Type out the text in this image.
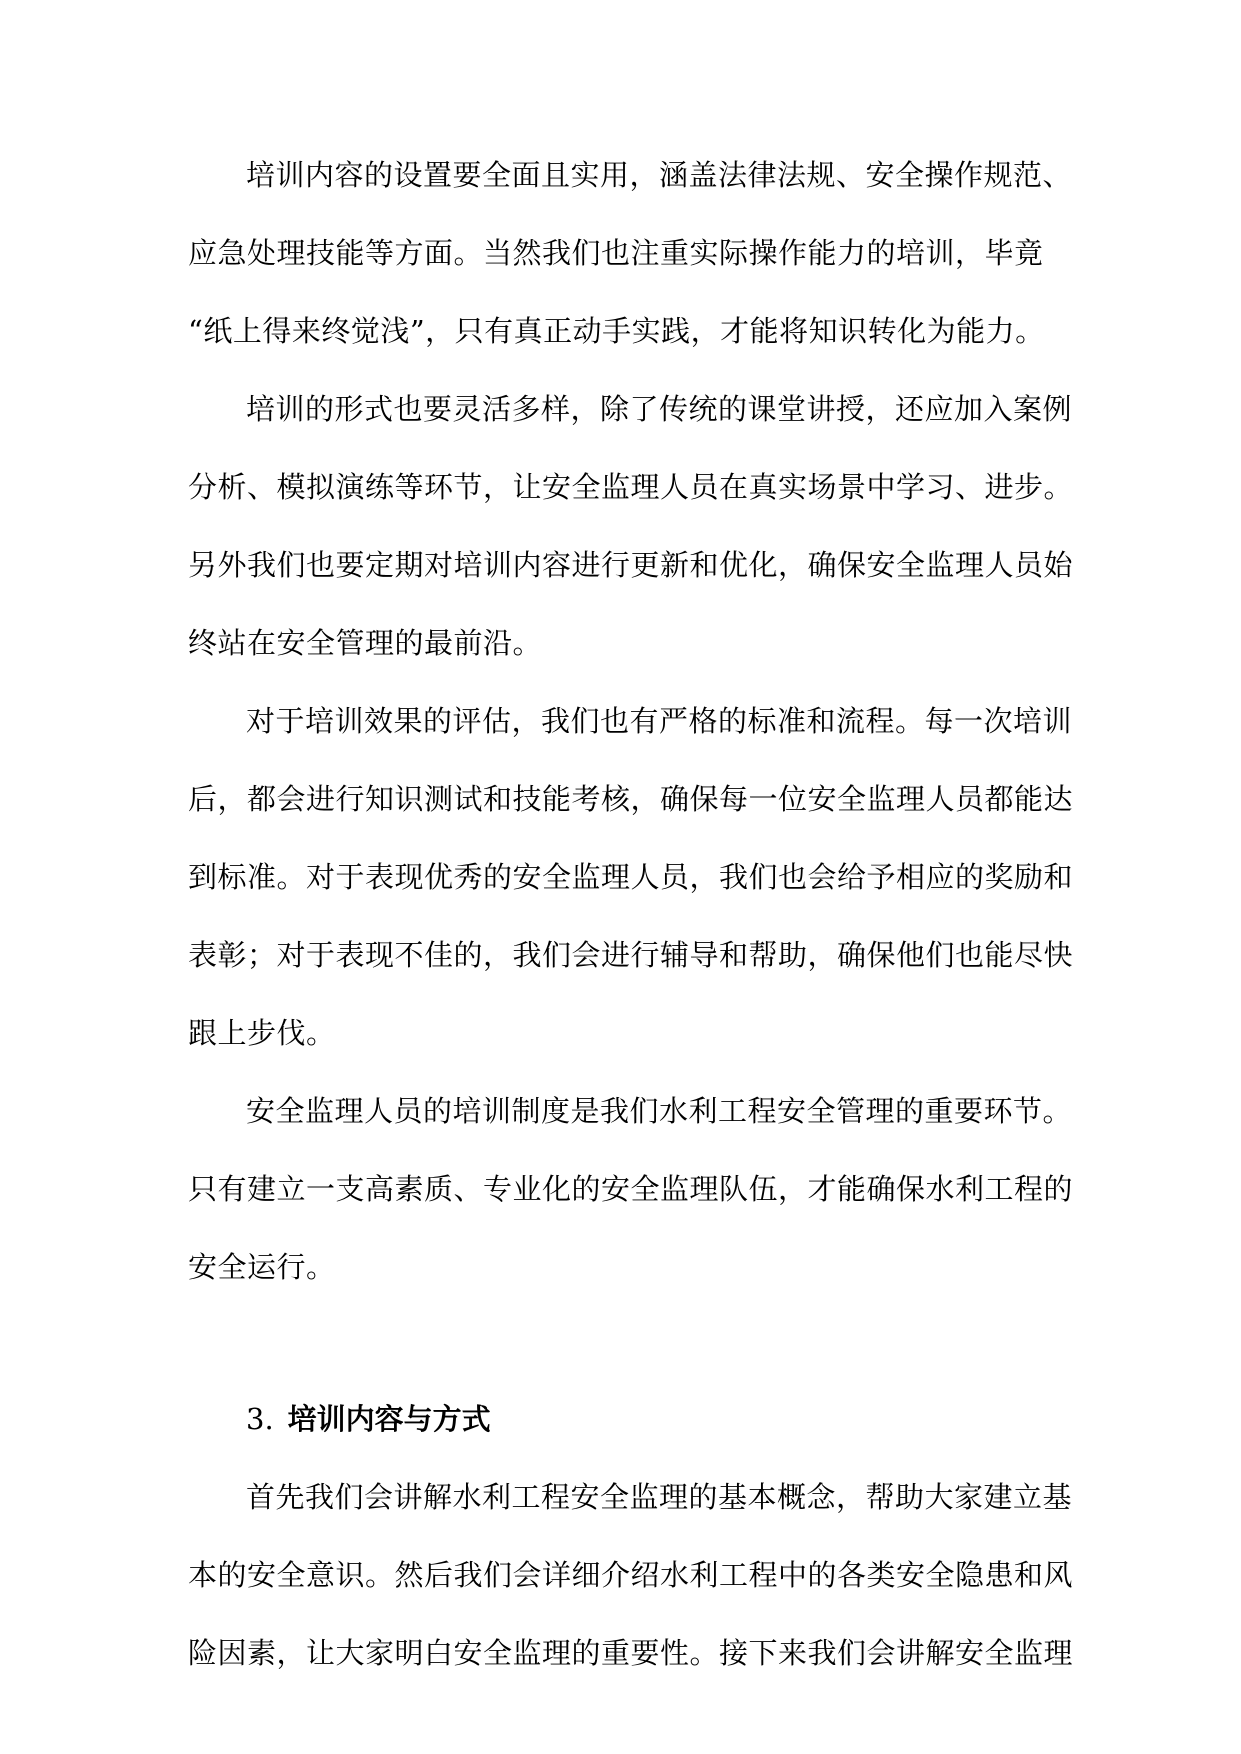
培训内容的设置要全面且实用，涵盖法律法规、安全操作规范、
应急处理技能等方面。当然我们也注重实际操作能力的培训，毕竟
“纸上得来终觉浅”，只有真正动手实践，才能将知识转化为能力。
培训的形式也要灵活多样，除了传统的课堂讲授，还应加入案例
分析、模拟演练等环节，让安全监理人员在真实场景中学习、进步。
另外我们也要定期对培训内容进行更新和优化，确保安全监理人员始
终站在安全管理的最前沿。
对于培训效果的评估，我们也有严格的标准和流程。每一次培训
后，都会进行知识测试和技能考核，确保每一位安全监理人员都能达
到标准。对于表现优秀的安全监理人员，我们也会给予相应的奖励和
表彰；对于表现不佳的，我们会进行辅导和帮助，确保他们也能尽快
跟上步伐。
安全监理人员的培训制度是我们水利工程安全管理的重要环节。
只有建立一支高素质、专业化的安全监理队伍，才能确保水利工程的
安全运行。
3. 培训内容与方式
首先我们会讲解水利工程安全监理的基本概念，帮助大家建立基
本的安全意识。然后我们会详细介绍水利工程中的各类安全隐患和风
险因素，让大家明白安全监理的重要性。接下来我们会讲解安全监理
